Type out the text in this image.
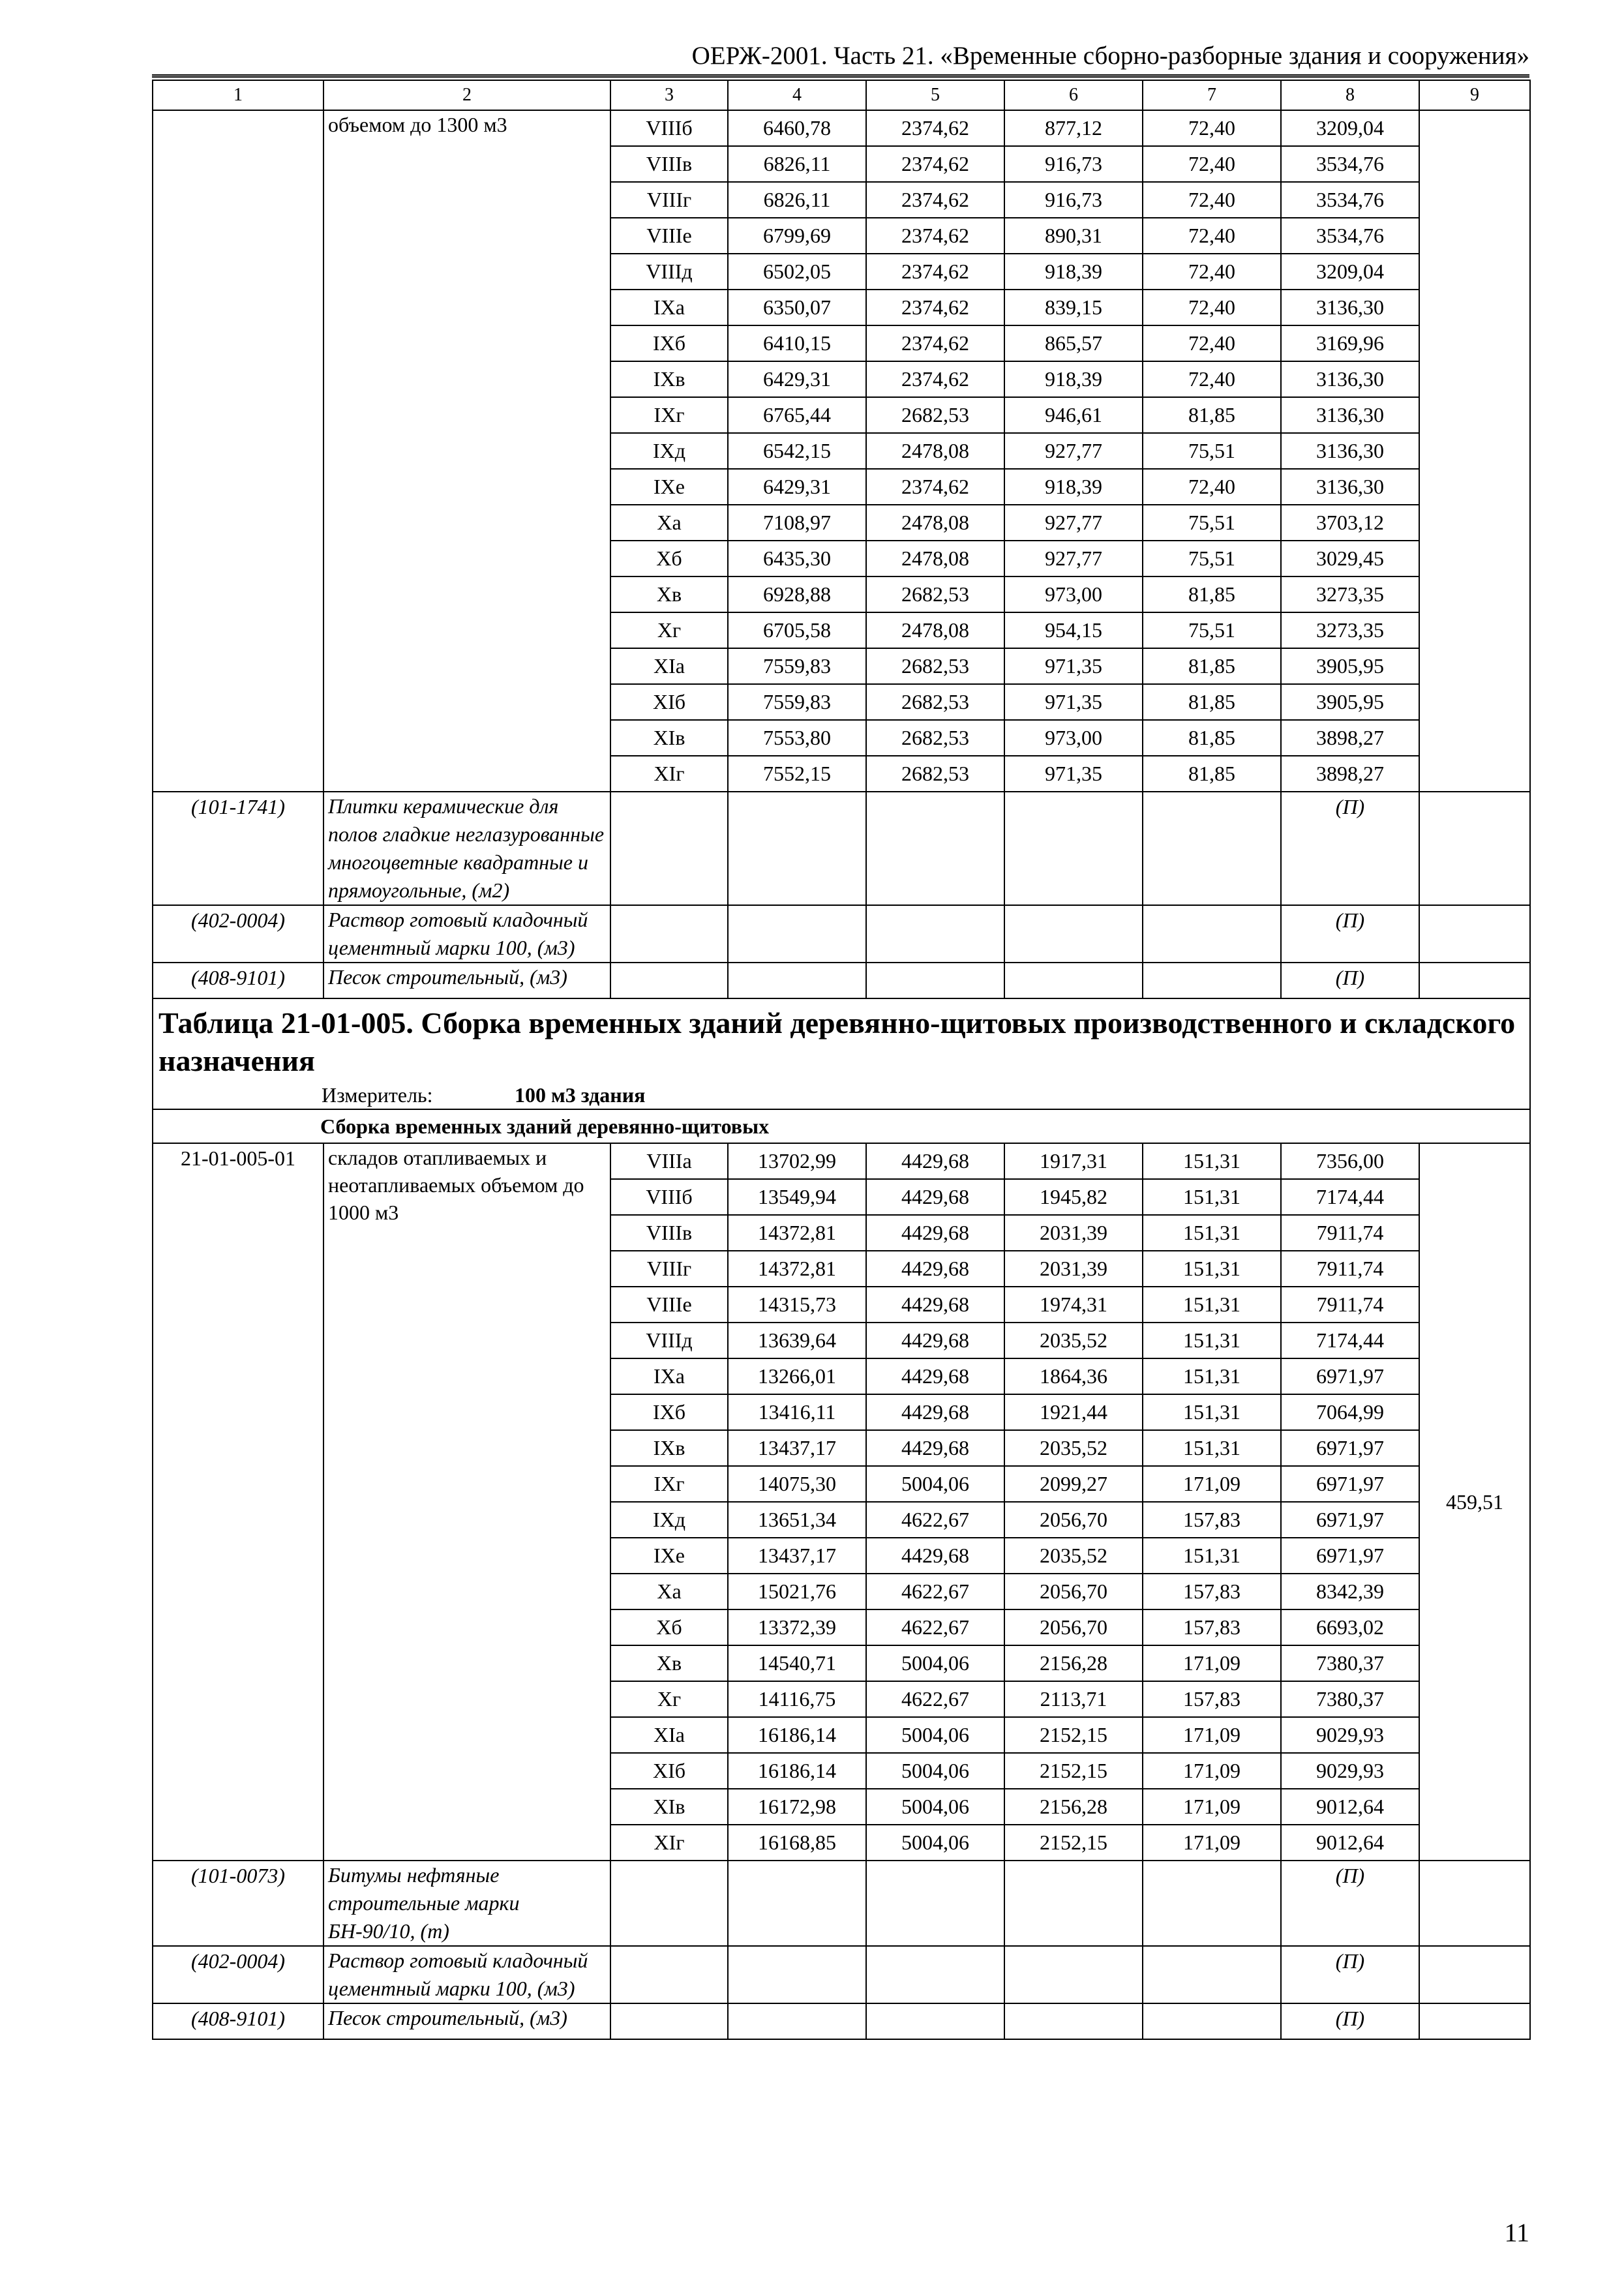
ОЕРЖ-2001. Часть 21. «Временные сборно-разборные здания и сооружения»
1	2	3	4	5	6	7	8	9
	объемом до 1300 м3	VIIIб	6460,78	2374,62	877,12	72,40	3209,04	
		VIIIв	6826,11	2374,62	916,73	72,40	3534,76	
		VIIIг	6826,11	2374,62	916,73	72,40	3534,76	
		VIIIе	6799,69	2374,62	890,31	72,40	3534,76	
		VIIIд	6502,05	2374,62	918,39	72,40	3209,04	
		IXа	6350,07	2374,62	839,15	72,40	3136,30	
		IXб	6410,15	2374,62	865,57	72,40	3169,96	
		IXв	6429,31	2374,62	918,39	72,40	3136,30	
		IXг	6765,44	2682,53	946,61	81,85	3136,30	
		IXд	6542,15	2478,08	927,77	75,51	3136,30	
		IXе	6429,31	2374,62	918,39	72,40	3136,30	
		Xа	7108,97	2478,08	927,77	75,51	3703,12	
		Xб	6435,30	2478,08	927,77	75,51	3029,45	
		Xв	6928,88	2682,53	973,00	81,85	3273,35	
		Xг	6705,58	2478,08	954,15	75,51	3273,35	
		XIа	7559,83	2682,53	971,35	81,85	3905,95	
		XIб	7559,83	2682,53	971,35	81,85	3905,95	
		XIв	7553,80	2682,53	973,00	81,85	3898,27	
		XIг	7552,15	2682,53	971,35	81,85	3898,27	
(101-1741)	Плитки керамические для полов гладкие неглазурованные многоцветные квадратные и прямоугольные, (м2)						(П)	
(402-0004)	Раствор готовый кладочный цементный марки 100, (м3)						(П)	
(408-9101)	Песок строительный, (м3)						(П)	

Таблица 21-01-005. Сборка временных зданий деревянно-щитовых производственного и складского назначения
Измеритель: 100 м3 здания								

Сборка временных зданий деревянно-щитовых								
21-01-005-01	складов отапливаемых и неотапливаемых объемом до 1000 м3	VIIIа	13702,99	4429,68	1917,31	151,31	7356,00	459,51
		VIIIб	13549,94	4429,68	1945,82	151,31	7174,44	
		VIIIв	14372,81	4429,68	2031,39	151,31	7911,74	
		VIIIг	14372,81	4429,68	2031,39	151,31	7911,74	
		VIIIе	14315,73	4429,68	1974,31	151,31	7911,74	
		VIIIд	13639,64	4429,68	2035,52	151,31	7174,44	
		IXа	13266,01	4429,68	1864,36	151,31	6971,97	
		IXб	13416,11	4429,68	1921,44	151,31	7064,99	
		IXв	13437,17	4429,68	2035,52	151,31	6971,97	
		IXг	14075,30	5004,06	2099,27	171,09	6971,97	
		IXд	13651,34	4622,67	2056,70	157,83	6971,97	
		IXе	13437,17	4429,68	2035,52	151,31	6971,97	
		Xа	15021,76	4622,67	2056,70	157,83	8342,39	
		Xб	13372,39	4622,67	2056,70	157,83	6693,02	
		Xв	14540,71	5004,06	2156,28	171,09	7380,37	
		Xг	14116,75	4622,67	2113,71	157,83	7380,37	
		XIа	16186,14	5004,06	2152,15	171,09	9029,93	
		XIб	16186,14	5004,06	2152,15	171,09	9029,93	
		XIв	16172,98	5004,06	2156,28	171,09	9012,64	
		XIг	16168,85	5004,06	2152,15	171,09	9012,64	
(101-0073)	Битумы нефтяные строительные марки БН-90/10, (т)						(П)	
(402-0004)	Раствор готовый кладочный цементный марки 100, (м3)						(П)	
(408-9101)	Песок строительный, (м3)						(П)	
11
